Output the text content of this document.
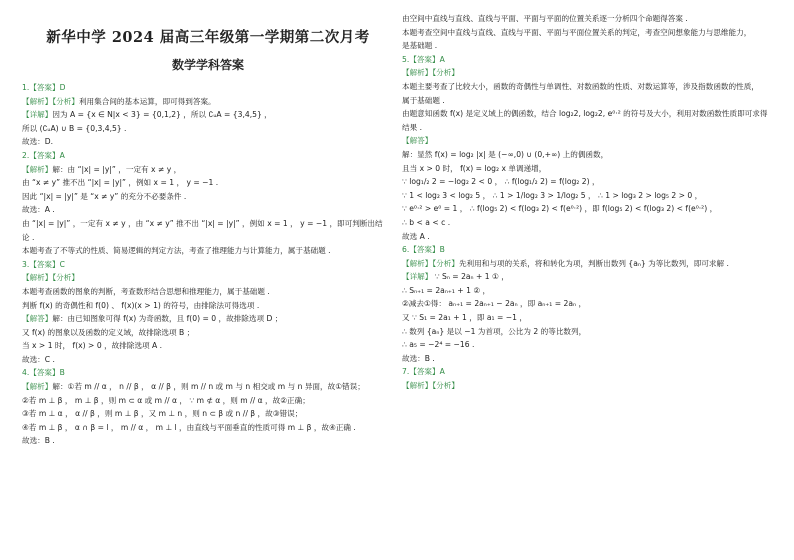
新华中学 2024 届高三年级第一学期第二次月考
数学学科答案
1.【答案】D
【解析】【分析】利用集合间的基本运算，即可得到答案。
【详解】因为 A = {x ∈ N|x < 3} = {0,1,2} ，所以 ∁ᵤA = {3,4,5} ，
所以 (∁ᵤA) ∪ B = {0,3,4,5} .
故选：D.
2.【答案】A
【解析】解：由 “|x| = |y|” ，一定有 x ≠ y ，
由 “x ≠ y” 推不出 “|x| = |y|” ，例如 x = 1 ， y = −1 .
因此 “|x| = |y|” 是 “x ≠ y” 的充分不必要条件 .
故选：A .
由 “|x| = |y|” ，一定有 x ≠ y ，由 “x ≠ y” 推不出 “|x| = |y|” ，例如 x = 1 ， y = −1 ，即可判断出结
论 .
本题考查了不等式的性质、简易逻辑的判定方法，考查了推理能力与计算能力，属于基础题 .
3.【答案】C
【解析】【分析】
本题考查函数的图象的判断，考查数形结合思想和推理能力，属于基础题 .
判断 f(x) 的奇偶性和 f(0) 、 f(x)(x > 1) 的符号，由排除法可得选项 .
【解答】解：由已知图象可得 f(x) 为奇函数，且 f(0) = 0 ，故排除选项 D ；
又 f(x) 的图象以及函数的定义域，故排除选项 B ；
当 x > 1 时， f(x) > 0 ，故排除选项 A .
故选：C .
4.【答案】B
【解析】解：①若 m // α ， n // β ， α // β ，则 m // n 或 m 与 n 相交或 m 与 n 异面，故①错误；
②若 m ⊥ β ， m ⊥ β ，则 m ⊂ α 或 m // α ， ∵ m ⊄ α ，则 m // α ，故②正确；
③若 m ⊥ α ， α // β ，则 m ⊥ β ，又 m ⊥ n ，则 n ⊂ β 或 n // β ，故③错误；
④若 m ⊥ β ， α ∩ β = l ， m // α ， m ⊥ l ，由直线与平面垂直的性质可得 m ⊥ β ，故④正确 .
故选：B .
由空间中直线与直线、直线与平面、平面与平面的位置关系逐一分析四个命题得答案 .
本题考查空间中直线与直线、直线与平面、平面与平面位置关系的判定，考查空间想象能力与思维能力，
是基础题 .
5.【答案】A
【解析】【分析】
本题主要考查了比较大小，函数的奇偶性与单调性、对数函数的性质、对数运算等，涉及指数函数的性质，
属于基础题 .
由题意知函数 f(x) 是定义域上的偶函数，结合 log₂2, log₂2, e⁰·² 的符号及大小，利用对数函数性质即可求得
结果 .
【解答】
解：显然 f(x) = log₂ |x| 是 (−∞,0) ∪ (0,+∞) 上的偶函数，
且当 x > 0 时， f(x) = log₂ x 单调递增，
∵ log₁/₂ 2 = −log₂ 2 < 0 ， ∴ f(log₁/₂ 2) = f(log₂ 2) ，
∵ 1 < log₂ 3 < log₂ 5 ， ∴ 1 > 1/log₂ 3 > 1/log₂ 5 ， ∴ 1 > log₃ 2 > log₅ 2 > 0 ，
∵ e⁰·² > e⁰ = 1 ， ∴ f(log₅ 2) < f(log₃ 2) < f(e⁰·²) ，即 f(log₅ 2) < f(log₃ 2) < f(e⁰·²) ，
∴ b < a < c .
故选 A .
6.【答案】B
【解析】【分析】先利用和与项的关系，将和转化为项，判断出数列 {aₙ} 为等比数列，即可求解 .
【详解】 ∵ Sₙ = 2aₙ + 1 ① ，
∴ Sₙ₊₁ = 2aₙ₊₁ + 1 ② ，
②减去①得： aₙ₊₁ = 2aₙ₊₁ − 2aₙ ，即 aₙ₊₁ = 2aₙ ，
又 ∵ S₁ = 2a₁ + 1 ，即 a₁ = −1 ，
∴ 数列 {aₙ} 是以 −1 为首项，公比为 2 的等比数列，
∴ a₅ = −2⁴ = −16 .
故选：B .
7.【答案】A
【解析】【分析】
